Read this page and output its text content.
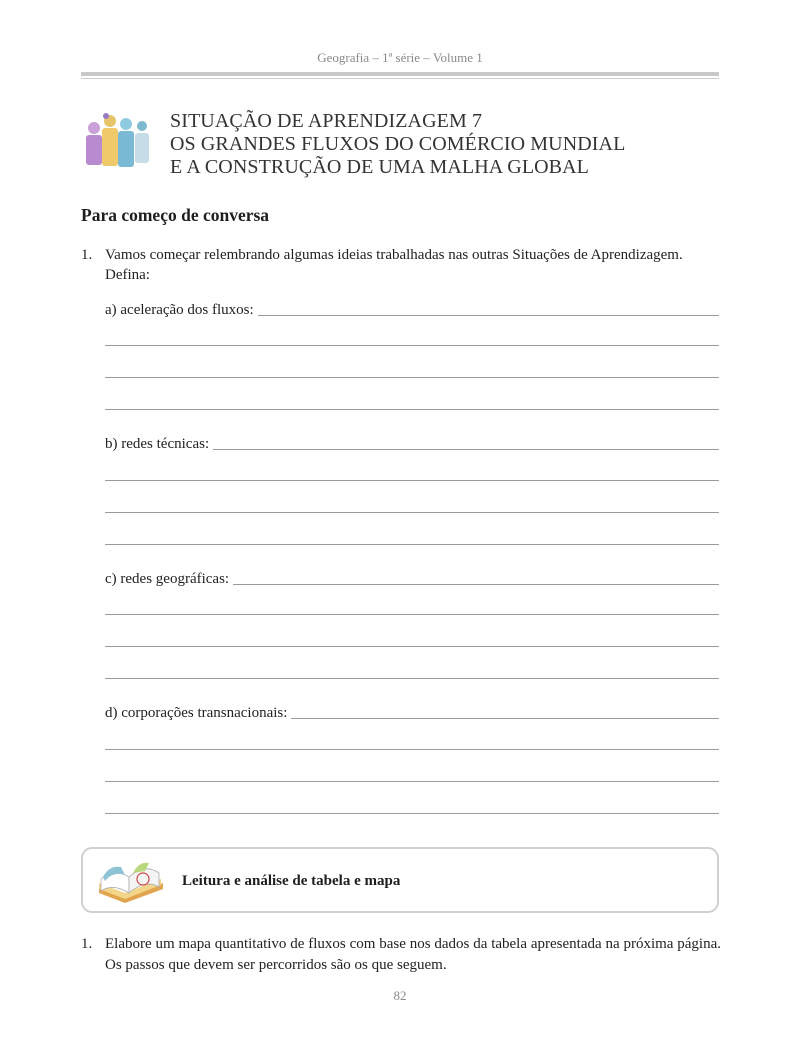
Geografia – 1ª série – Volume 1
SITUAÇÃO DE APRENDIZAGEM 7
OS GRANDES FLUXOS DO COMÉRCIO MUNDIAL
E A CONSTRUÇÃO DE UMA MALHA GLOBAL
Para começo de conversa
1. Vamos começar relembrando algumas ideias trabalhadas nas outras Situações de Aprendizagem. Defina:
a) aceleração dos fluxos:
b) redes técnicas:
c) redes geográficas:
d) corporações transnacionais:
Leitura e análise de tabela e mapa
1. Elabore um mapa quantitativo de fluxos com base nos dados da tabela apresentada na próxima página. Os passos que devem ser percorridos são os que seguem.
82
